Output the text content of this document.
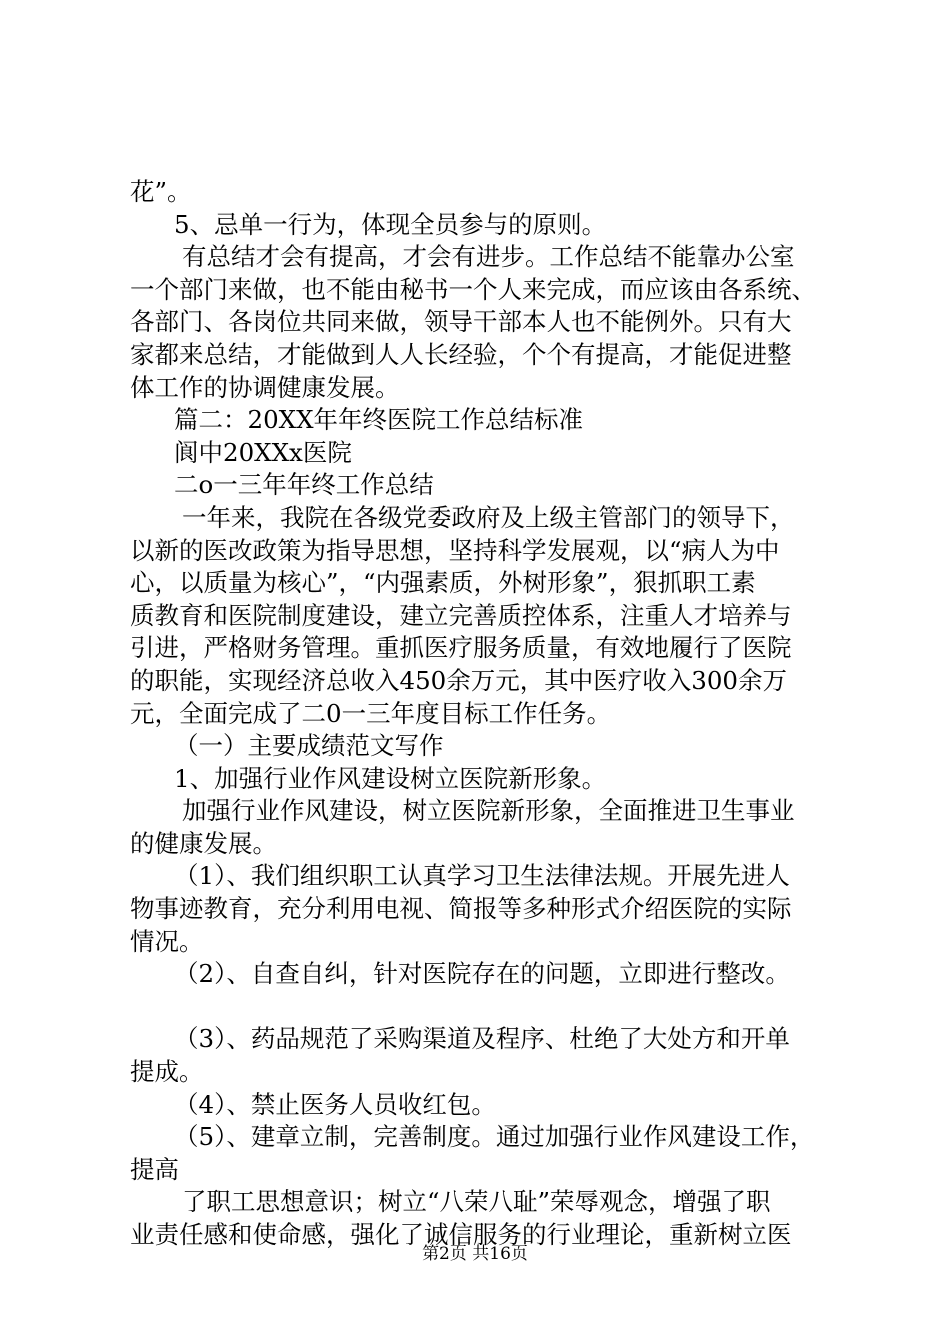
花”。
5、忌单一行为，体现全员参与的原则。
有总结才会有提高，才会有进步。工作总结不能靠办公室
一个部门来做，也不能由秘书一个人来完成，而应该由各系统、
各部门、各岗位共同来做，领导干部本人也不能例外。只有大
家都来总结，才能做到人人长经验，个个有提高，才能促进整
体工作的协调健康发展。
篇二：20XX年年终医院工作总结标准
阆中20XXx医院
二o一三年年终工作总结
一年来，我院在各级党委政府及上级主管部门的领导下，
以新的医改政策为指导思想，坚持科学发展观，以“病人为中
心，以质量为核心”，“内强素质，外树形象”，狠抓职工素
质教育和医院制度建设，建立完善质控体系，注重人才培养与
引进，严格财务管理。重抓医疗服务质量，有效地履行了医院
的职能，实现经济总收入450余万元，其中医疗收入300余万
元，全面完成了二0一三年度目标工作任务。
（一）主要成绩范文写作
1、加强行业作风建设树立医院新形象。
加强行业作风建设，树立医院新形象，全面推进卫生事业
的健康发展。
（1）、我们组织职工认真学习卫生法律法规。开展先进人
物事迹教育，充分利用电视、简报等多种形式介绍医院的实际
情况。
（2）、自查自纠，针对医院存在的问题，立即进行整改。
（3）、药品规范了采购渠道及程序、杜绝了大处方和开单
提成。
（4）、禁止医务人员收红包。
（5）、建章立制，完善制度。通过加强行业作风建设工作，
提高
了职工思想意识；树立“八荣八耻”荣辱观念，增强了职
业责任感和使命感，强化了诚信服务的行业理论，重新树立医
第2页 共16页
